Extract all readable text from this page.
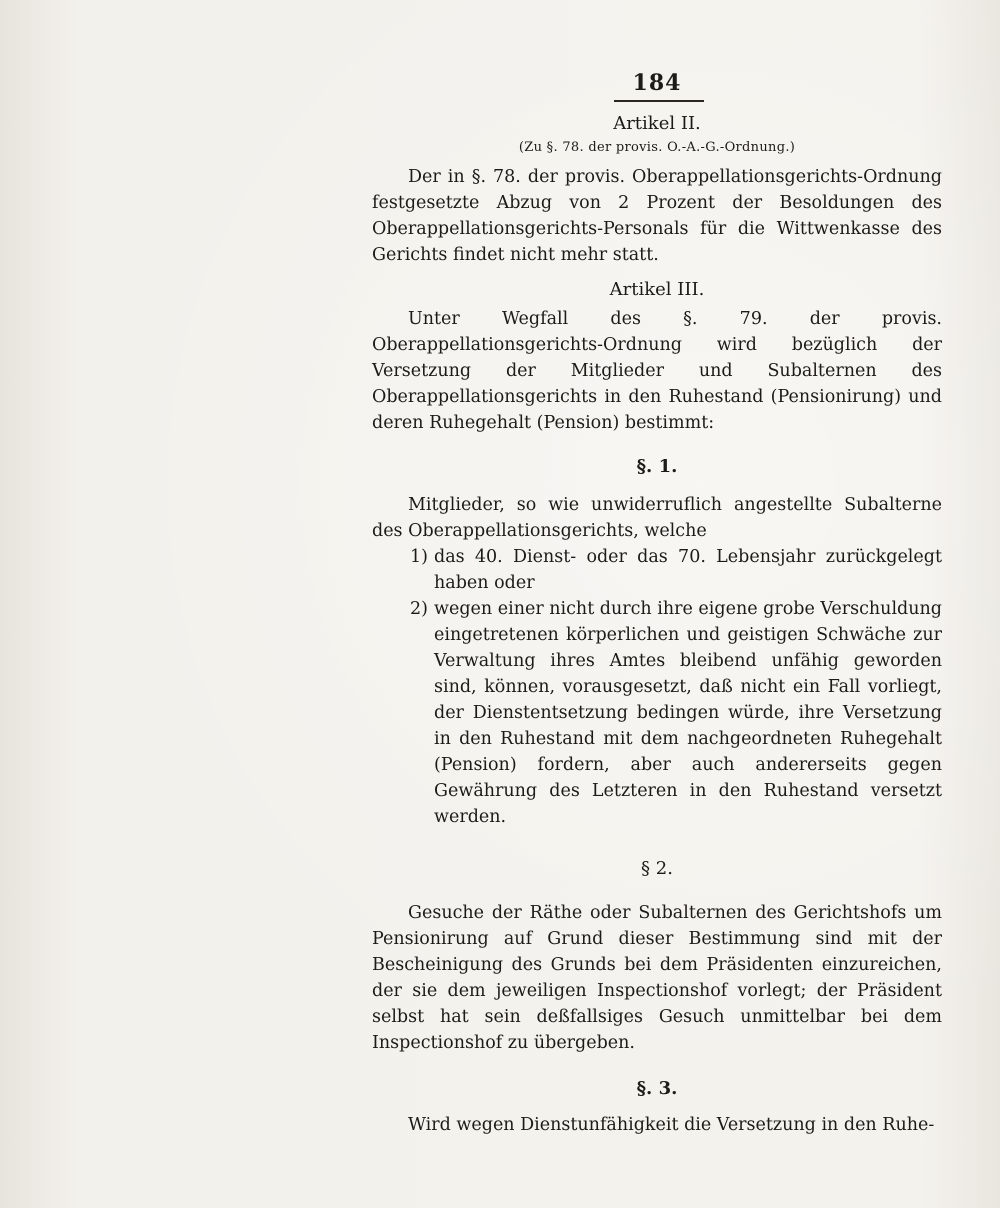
184
Artikel II.
(Zu §. 78. der provis. O.-A.-G.-Ordnung.)

Der in §. 78. der provis. Oberappellationsgerichts-Ordnung festgesetzte Abzug von 2 Prozent der Besoldungen des Oberappellationsgerichts-Personals für die Wittwenkasse des Gerichts findet nicht mehr statt.

Artikel III.

Unter Wegfall des §. 79. der provis. Oberappellationsgerichts-Ordnung wird bezüglich der Versetzung der Mitglieder und Subalternen des Oberappellationsgerichts in den Ruhestand (Pensionirung) und deren Ruhegehalt (Pension) bestimmt:

§. 1.

Mitglieder, so wie unwiderruflich angestellte Subalterne des Oberappellationsgerichts, welche

1) das 40. Dienst- oder das 70. Lebensjahr zurückgelegt haben oder
2) wegen einer nicht durch ihre eigene grobe Verschuldung eingetretenen körperlichen und geistigen Schwäche zur Verwaltung ihres Amtes bleibend unfähig geworden sind, können, vorausgesetzt, daß nicht ein Fall vorliegt, der Dienstentsetzung bedingen würde, ihre Versetzung in den Ruhestand mit dem nachgeordneten Ruhegehalt (Pension) fordern, aber auch andererseits gegen Gewährung des Letzteren in den Ruhestand versetzt werden.
§ 2.

Gesuche der Räthe oder Subalternen des Gerichtshofs um Pensionirung auf Grund dieser Bestimmung sind mit der Bescheinigung des Grunds bei dem Präsidenten einzureichen, der sie dem jeweiligen Inspectionshof vorlegt; der Präsident selbst hat sein deßfallsiges Gesuch unmittelbar bei dem Inspectionshof zu übergeben.

§. 3.

Wird wegen Dienstunfähigkeit die Versetzung in den Ruhe-
